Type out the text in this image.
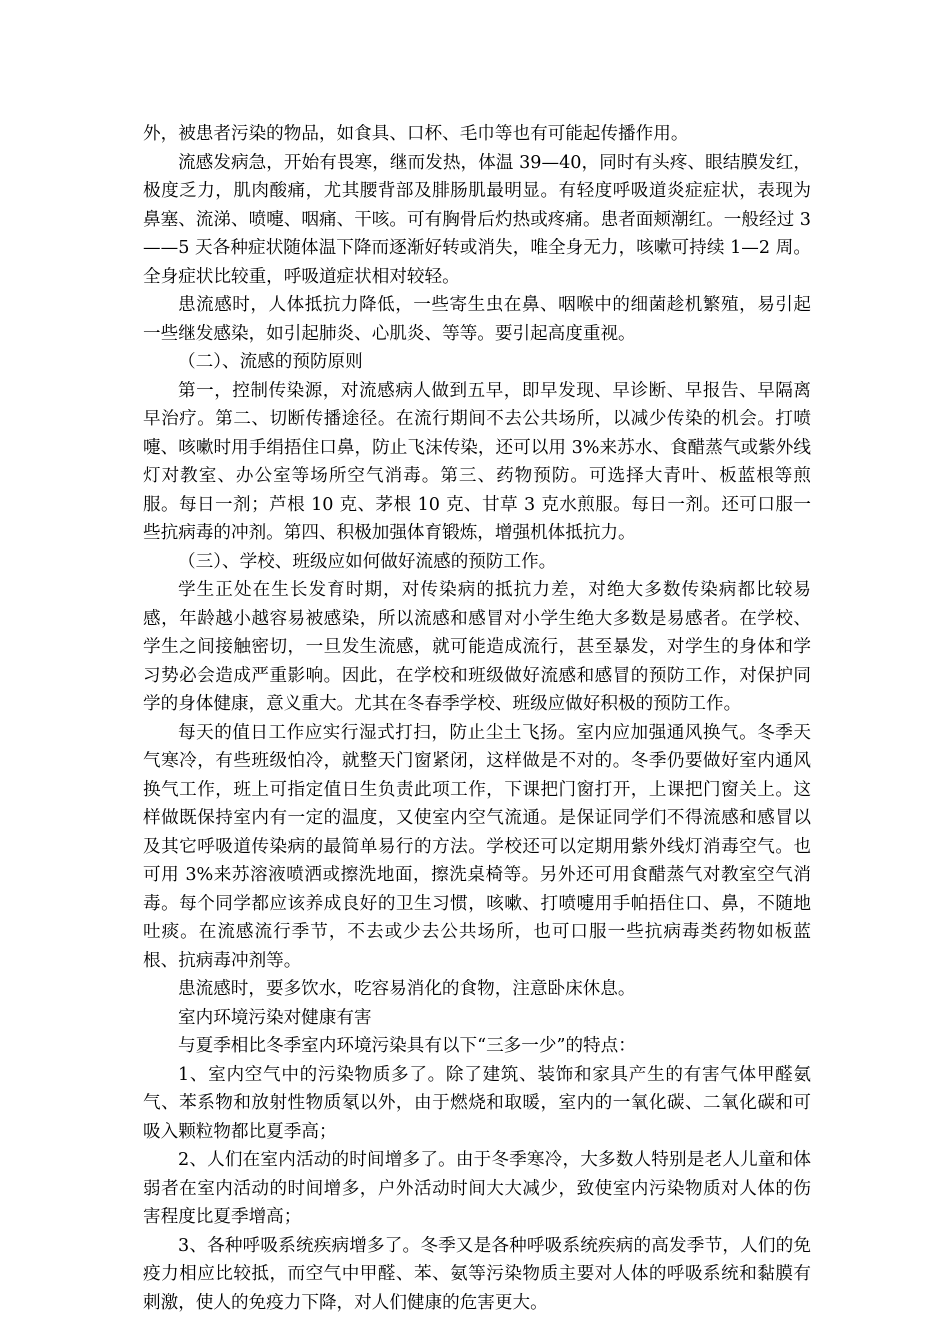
外，被患者污染的物品，如食具、口杯、毛巾等也有可能起传播作用。

流感发病急，开始有畏寒，继而发热，体温 39—40，同时有头疼、眼结膜发红，极度乏力，肌肉酸痛，尤其腰背部及腓肠肌最明显。有轻度呼吸道炎症症状，表现为鼻塞、流涕、喷嚏、咽痛、干咳。可有胸骨后灼热或疼痛。患者面颊潮红。一般经过 3——5 天各种症状随体温下降而逐渐好转或消失，唯全身无力，咳嗽可持续 1—2 周。全身症状比较重，呼吸道症状相对较轻。

患流感时，人体抵抗力降低，一些寄生虫在鼻、咽喉中的细菌趁机繁殖，易引起一些继发感染，如引起肺炎、心肌炎、等等。要引起高度重视。

（二）、流感的预防原则

第一，控制传染源，对流感病人做到五早，即早发现、早诊断、早报告、早隔离早治疗。第二、切断传播途径。在流行期间不去公共场所，以减少传染的机会。打喷嚏、咳嗽时用手绢捂住口鼻，防止飞沫传染，还可以用 3%来苏水、食醋蒸气或紫外线灯对教室、办公室等场所空气消毒。第三、药物预防。可选择大青叶、板蓝根等煎服。每日一剂；芦根 10 克、茅根 10 克、甘草 3 克水煎服。每日一剂。还可口服一些抗病毒的冲剂。第四、积极加强体育锻炼，增强机体抵抗力。

（三）、学校、班级应如何做好流感的预防工作。

学生正处在生长发育时期，对传染病的抵抗力差，对绝大多数传染病都比较易感，年龄越小越容易被感染，所以流感和感冒对小学生绝大多数是易感者。在学校、学生之间接触密切，一旦发生流感，就可能造成流行，甚至暴发，对学生的身体和学习势必会造成严重影响。因此，在学校和班级做好流感和感冒的预防工作，对保护同学的身体健康，意义重大。尤其在冬春季学校、班级应做好积极的预防工作。

每天的值日工作应实行湿式打扫，防止尘土飞扬。室内应加强通风换气。冬季天气寒冷，有些班级怕冷，就整天门窗紧闭，这样做是不对的。冬季仍要做好室内通风换气工作，班上可指定值日生负责此项工作，下课把门窗打开，上课把门窗关上。这样做既保持室内有一定的温度，又使室内空气流通。是保证同学们不得流感和感冒以及其它呼吸道传染病的最简单易行的方法。学校还可以定期用紫外线灯消毒空气。也可用 3%来苏溶液喷洒或擦洗地面，擦洗桌椅等。另外还可用食醋蒸气对教室空气消毒。每个同学都应该养成良好的卫生习惯，咳嗽、打喷嚏用手帕捂住口、鼻，不随地吐痰。在流感流行季节，不去或少去公共场所，也可口服一些抗病毒类药物如板蓝根、抗病毒冲剂等。

患流感时，要多饮水，吃容易消化的食物，注意卧床休息。

室内环境污染对健康有害

与夏季相比冬季室内环境污染具有以下“三多一少”的特点：

1、室内空气中的污染物质多了。除了建筑、装饰和家具产生的有害气体甲醛氨气、苯系物和放射性物质氡以外，由于燃烧和取暖，室内的一氧化碳、二氧化碳和可吸入颗粒物都比夏季高；

2、人们在室内活动的时间增多了。由于冬季寒冷，大多数人特别是老人儿童和体弱者在室内活动的时间增多，户外活动时间大大减少，致使室内污染物质对人体的伤害程度比夏季增高；

3、各种呼吸系统疾病增多了。冬季又是各种呼吸系统疾病的高发季节，人们的免疫力相应比较抵，而空气中甲醛、苯、氨等污染物质主要对人体的呼吸系统和黏膜有刺激，使人的免疫力下降，对人们健康的危害更大。
